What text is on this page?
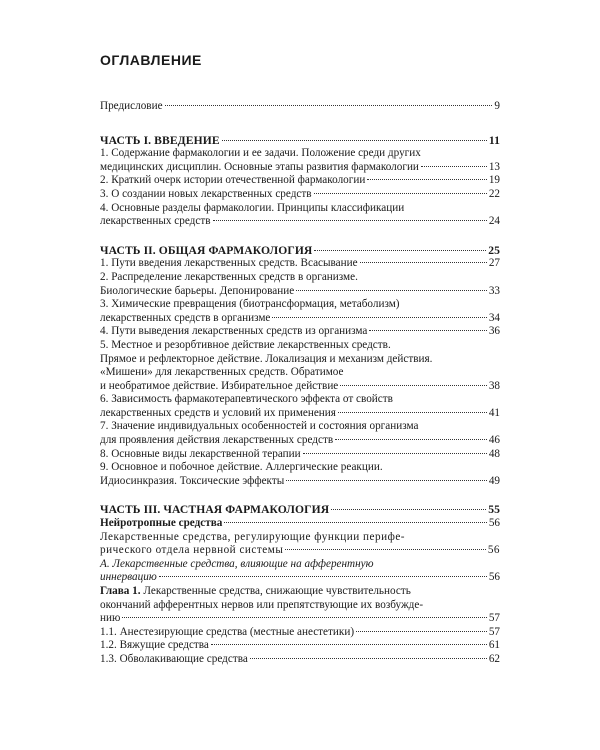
ОГЛАВЛЕНИЕ
Предисловие	9
ЧАСТЬ I. ВВЕДЕНИЕ	11
1. Содержание фармакологии и ее задачи. Положение среди других
медицинских дисциплин. Основные этапы развития фармакологии	13
2. Краткий очерк истории отечественной фармакологии	19
3. О создании новых лекарственных средств	22
4. Основные разделы фармакологии. Принципы классификации
лекарственных средств	24
ЧАСТЬ II. ОБЩАЯ ФАРМАКОЛОГИЯ	25
1. Пути введения лекарственных средств. Всасывание	27
2. Распределение лекарственных средств в организме.
Биологические барьеры. Депонирование	33
3. Химические превращения (биотрансформация, метаболизм)
лекарственных средств в организме	34
4. Пути выведения лекарственных средств из организма	36
5. Местное и резорбтивное действие лекарственных средств.
Прямое и рефлекторное действие. Локализация и механизм действия.
«Мишени» для лекарственных средств. Обратимое
и необратимое действие. Избирательное действие	38
6. Зависимость фармакотерапевтического эффекта от свойств
лекарственных средств и условий их применения	41
7. Значение индивидуальных особенностей и состояния организма
для проявления действия лекарственных средств	46
8. Основные виды лекарственной терапии	48
9. Основное и побочное действие. Аллергические реакции.
Идиосинкразия. Токсические эффекты	49
ЧАСТЬ III. ЧАСТНАЯ ФАРМАКОЛОГИЯ	55
Нейротропные средства	56
Лекарственные средства, регулирующие функции перифе-
рического отдела нервной системы	56
А. Лекарственные средства, влияющие на афферентную
иннервацию	56
Глава 1. Лекарственные средства, снижающие чувствительность
окончаний афферентных нервов или препятствующие их возбужде-
нию	57
1.1. Анестезирующие средства (местные анестетики)	57
1.2. Вяжущие средства	61
1.3. Обволакивающие средства	62
